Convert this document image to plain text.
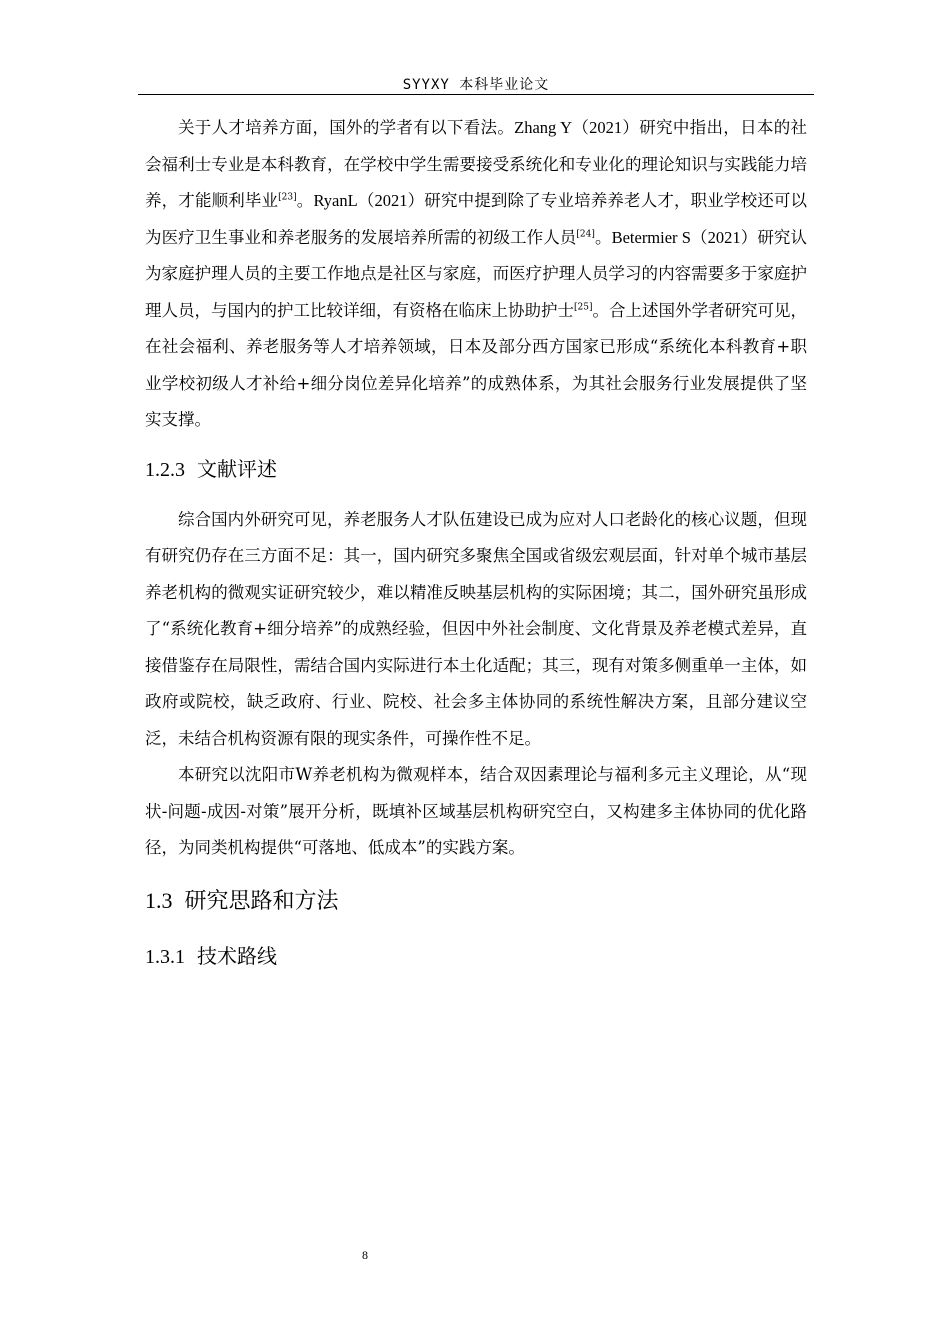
SYYXY 本科毕业论文

关于人才培养方面，国外的学者有以下看法。Zhang Y（2021）研究中指出，日本的社会福利士专业是本科教育，在学校中学生需要接受系统化和专业化的理论知识与实践能力培养，才能顺利毕业[23]。RyanL（2021）研究中提到除了专业培养养老人才，职业学校还可以为医疗卫生事业和养老服务的发展培养所需的初级工作人员[24]。Betermier S（2021）研究认为家庭护理人员的主要工作地点是社区与家庭，而医疗护理人员学习的内容需要多于家庭护理人员，与国内的护工比较详细，有资格在临床上协助护士[25]。合上述国外学者研究可见，在社会福利、养老服务等人才培养领域，日本及部分西方国家已形成“系统化本科教育+职业学校初级人才补给+细分岗位差异化培养”的成熟体系，为其社会服务行业发展提供了坚实支撑。

1.2.3 文献评述

综合国内外研究可见，养老服务人才队伍建设已成为应对人口老龄化的核心议题，但现有研究仍存在三方面不足：其一，国内研究多聚焦全国或省级宏观层面，针对单个城市基层养老机构的微观实证研究较少，难以精准反映基层机构的实际困境；其二，国外研究虽形成了“系统化教育+细分培养”的成熟经验，但因中外社会制度、文化背景及养老模式差异，直接借鉴存在局限性，需结合国内实际进行本土化适配；其三，现有对策多侧重单一主体，如政府或院校，缺乏政府、行业、院校、社会多主体协同的系统性解决方案，且部分建议空泛，未结合机构资源有限的现实条件，可操作性不足。

本研究以沈阳市W养老机构为微观样本，结合双因素理论与福利多元主义理论，从“现状-问题-成因-对策”展开分析，既填补区域基层机构研究空白，又构建多主体协同的优化路径，为同类机构提供“可落地、低成本”的实践方案。

1.3 研究思路和方法
1.3.1 技术路线
8
